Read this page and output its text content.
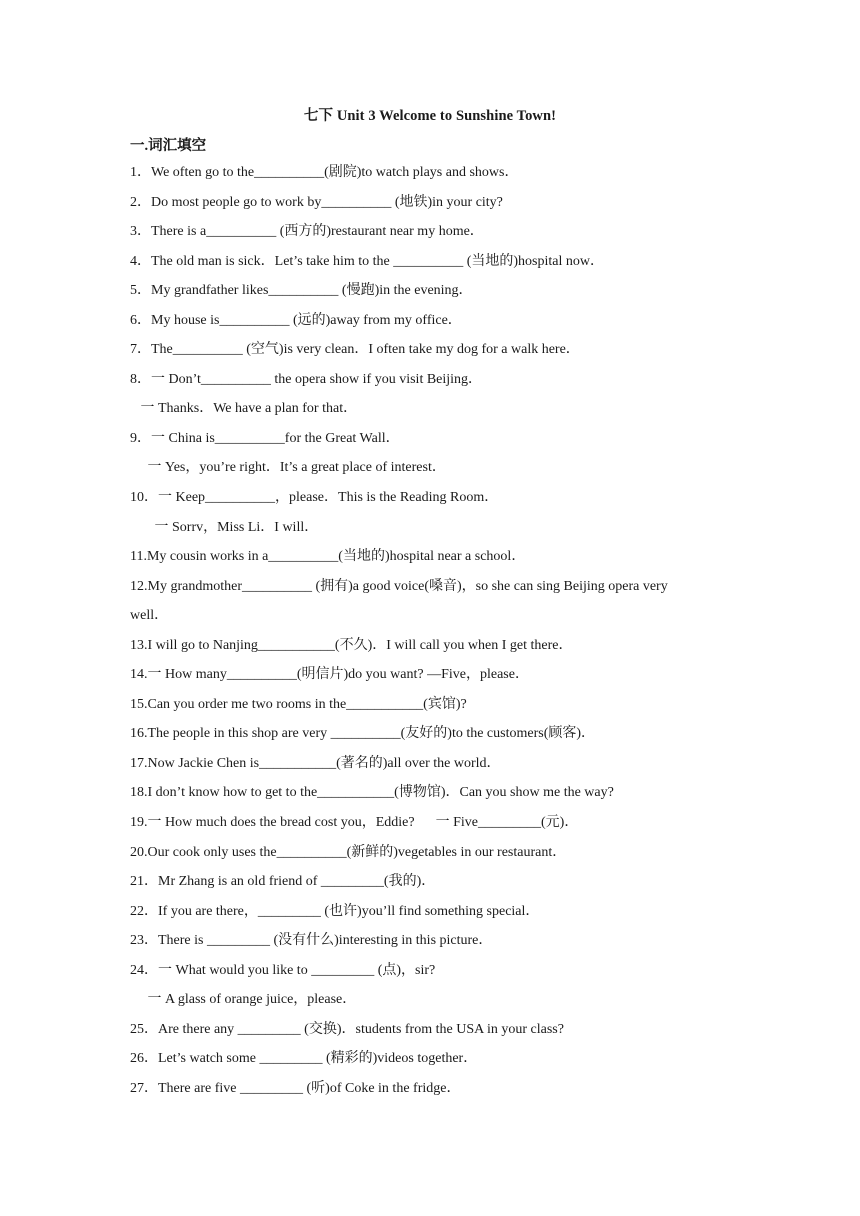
七下 Unit 3 Welcome to Sunshine Town!
一.词汇填空
1．We often go to the__________(剧院)to watch plays and shows．
2．Do most people go to work by__________ (地铁)in your city?
3．There is a__________ (西方的)restaurant near my home．
4．The old man is sick．Let’s take him to the __________ (当地的)hospital now．
5．My grandfather likes__________ (慢跑)in the evening．
6．My house is__________ (远的)away from my office．
7．The__________ (空气)is very clean．I often take my dog for a walk here．
8．一 Don’t__________ the opera show if you visit Beijing．
一 Thanks．We have a plan for that．
9．一 China is__________for the Great Wall．
一 Yes，you’re right．It’s a great place of interest．
10．一 Keep__________，please．This is the Reading Room．
一 Sorrv，Miss Li．I will．
11.My cousin works in a__________(当地的)hospital near a school．
12.My grandmother__________ (拥有)a good voice(嗓音)，so she can sing Beijing opera very
well．
13.I will go to Nanjing___________(不久)．I will call you when I get there．
14.一 How many__________(明信片)do you want? —Five，please．
15.Can you order me two rooms in the___________(宾馆)?
16.The people in this shop are very __________(友好的)to the customers(顾客)．
17.Now Jackie Chen is___________(著名的)all over the world．
18.I don’t know how to get to the___________(博物馆)．Can you show me the way?
19.一 How much does the bread cost you，Eddie?      一 Five_________(元)．
20.Our cook only uses the__________(新鲜的)vegetables in our restaurant．
21．Mr Zhang is an old friend of _________(我的)．
22．If you are there，_________ (也许)you’ll find something special．
23．There is _________ (没有什么)interesting in this picture．
24．一 What would you like to _________ (点)，sir?
一 A glass of orange juice，please．
25．Are there any _________ (交换)．students from the USA in your class?
26．Let’s watch some _________ (精彩的)videos together．
27．There are five _________ (听)of Coke in the fridge．
